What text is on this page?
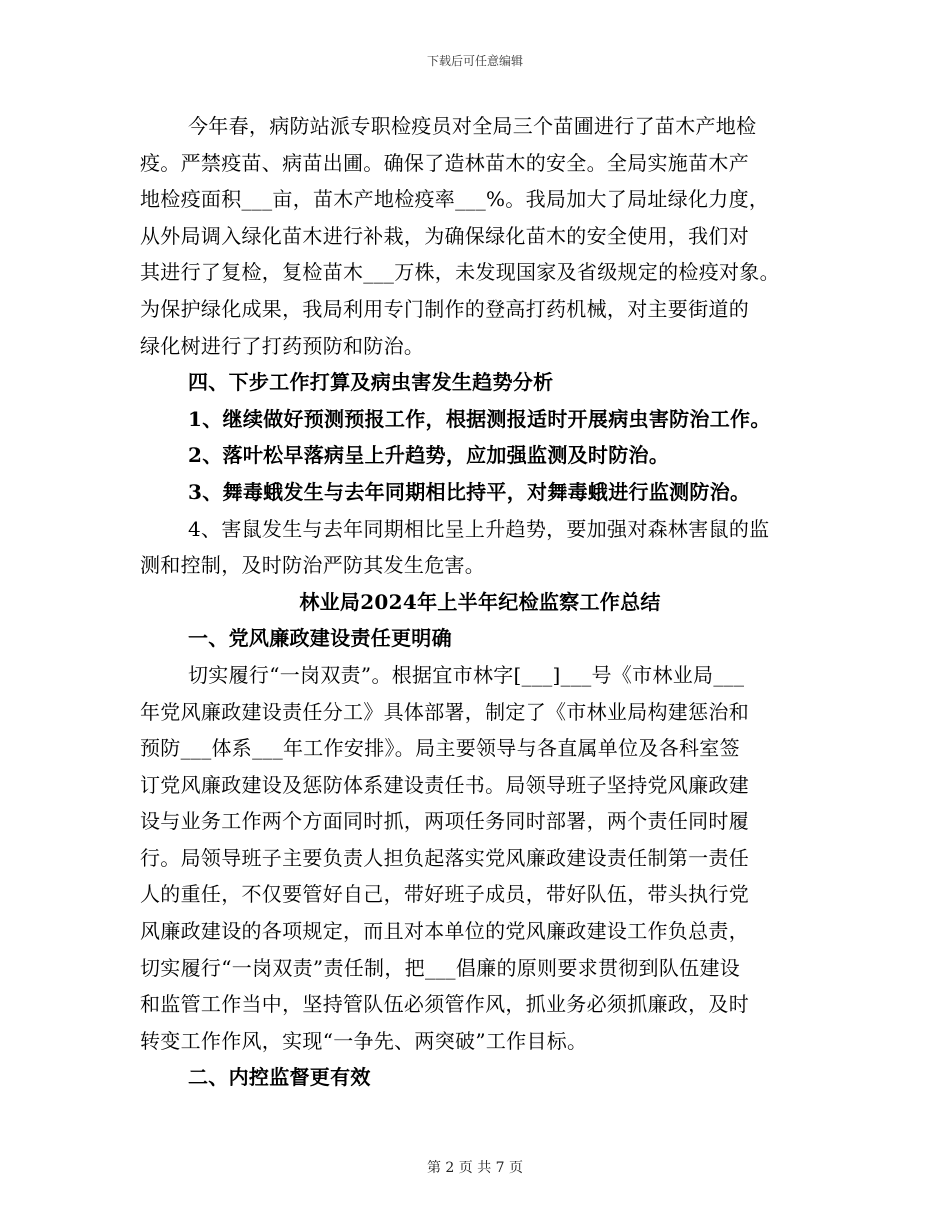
下载后可任意编辑
今年春，病防站派专职检疫员对全局三个苗圃进行了苗木产地检
疫。严禁疫苗、病苗出圃。确保了造林苗木的安全。全局实施苗木产
地检疫面积___亩，苗木产地检疫率___%。我局加大了局址绿化力度，
从外局调入绿化苗木进行补栽，为确保绿化苗木的安全使用，我们对
其进行了复检，复检苗木___万株，未发现国家及省级规定的检疫对象。
为保护绿化成果，我局利用专门制作的登高打药机械，对主要街道的
绿化树进行了打药预防和防治。
四、下步工作打算及病虫害发生趋势分析
1、继续做好预测预报工作，根据测报适时开展病虫害防治工作。
2、落叶松早落病呈上升趋势，应加强监测及时防治。
3、舞毒蛾发生与去年同期相比持平，对舞毒蛾进行监测防治。
4、害鼠发生与去年同期相比呈上升趋势，要加强对森林害鼠的监
测和控制，及时防治严防其发生危害。
林业局2024年上半年纪检监察工作总结
一、党风廉政建设责任更明确
切实履行“一岗双责”。根据宜市林字[___]___号《市林业局___
年党风廉政建设责任分工》具体部署，制定了《市林业局构建惩治和
预防___体系___年工作安排》。局主要领导与各直属单位及各科室签
订党风廉政建设及惩防体系建设责任书。局领导班子坚持党风廉政建
设与业务工作两个方面同时抓，两项任务同时部署，两个责任同时履
行。局领导班子主要负责人担负起落实党风廉政建设责任制第一责任
人的重任，不仅要管好自己，带好班子成员，带好队伍，带头执行党
风廉政建设的各项规定，而且对本单位的党风廉政建设工作负总责，
切实履行“一岗双责”责任制，把___倡廉的原则要求贯彻到队伍建设
和监管工作当中，坚持管队伍必须管作风，抓业务必须抓廉政，及时
转变工作作风，实现“一争先、两突破”工作目标。
二、内控监督更有效
第 2 页 共 7 页
